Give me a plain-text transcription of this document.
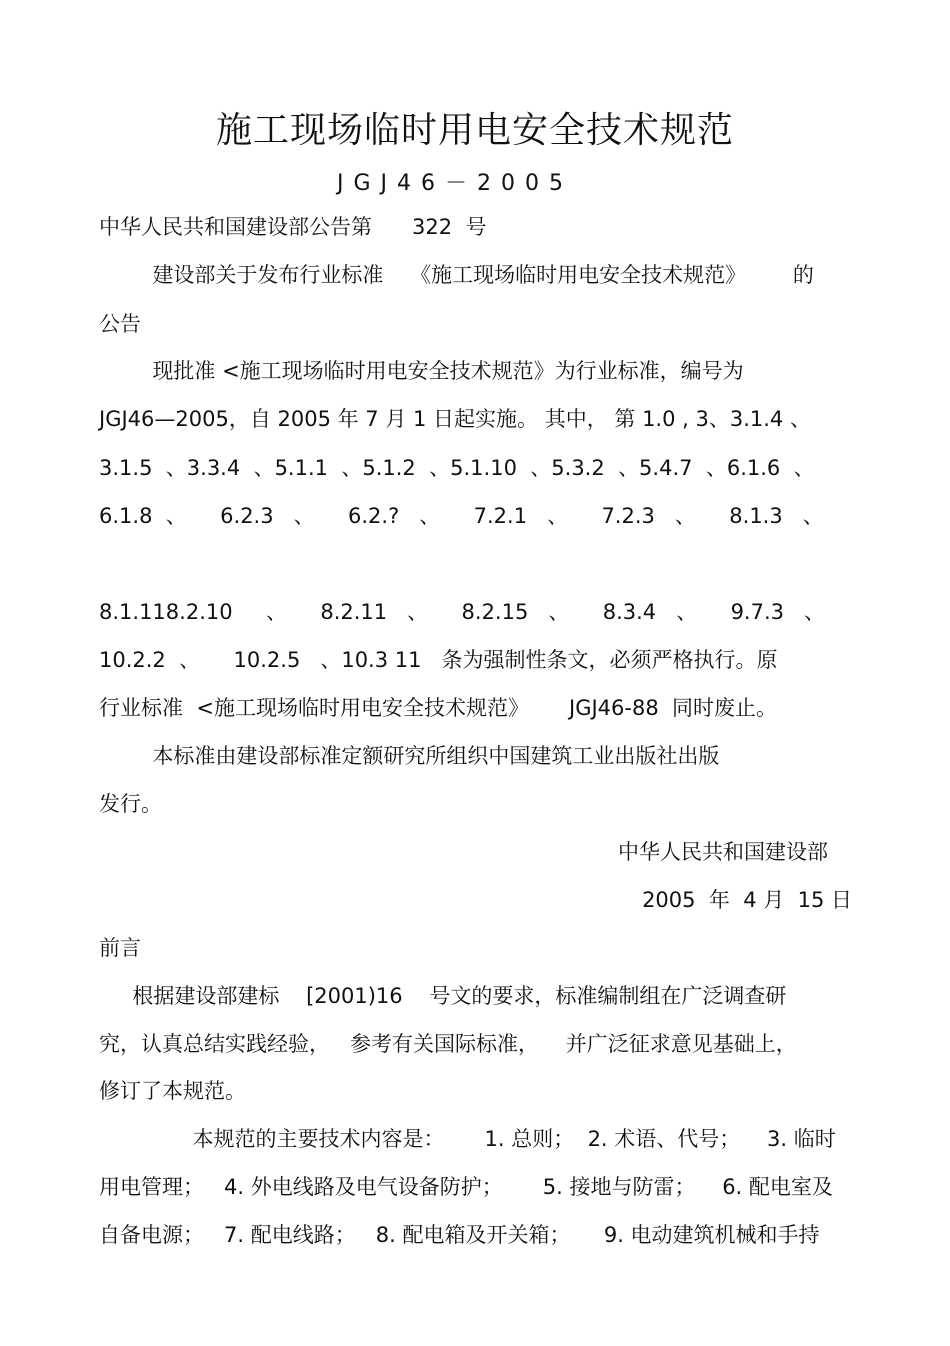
施工现场临时用电安全技术规范
JGJ46－2005
中华人民共和国建设部公告第      322  号
建设部关于发布行业标准    《施工现场临时用电安全技术规范》       的
公告
现批准 <施工现场临时用电安全技术规范》为行业标准，编号为
JGJ46—2005，自 2005 年 7 月 1 日起实施。 其中， 第 1.0 , 3、3.1.4 、
3.1.5  、3.3.4  、5.1.1  、5.1.2  、5.1.10  、5.3.2  、5.4.7  、6.1.6  、
6.1.8  、     6.2.3   、     6.2.?   、     7.2.1   、     7.2.3   、     8.1.3   、
8.1.118.2.10     、     8.2.11   、     8.2.15   、     8.3.4   、     9.7.3   、
10.2.2  、     10.2.5   、10.3 11   条为强制性条文，必须严格执行。原
行业标准  <施工现场临时用电安全技术规范》      JGJ46-88  同时废止。
本标准由建设部标准定额研究所组织中国建筑工业出版社出版
发行。
中华人民共和国建设部
2005  年  4 月  15 日
前言
根据建设部建标    [2001)16    号文的要求，标准编制组在广泛调查研
究，认真总结实践经验，   参考有关国际标准，    并广泛征求意见基础上，
修订了本规范。
本规范的主要技术内容是：      1. 总则；  2. 术语、代号；    3. 临时
用电管理；   4. 外电线路及电气设备防护；      5. 接地与防雷；    6. 配电室及
自备电源；   7. 配电线路；   8. 配电箱及开关箱；     9. 电动建筑机械和手持
